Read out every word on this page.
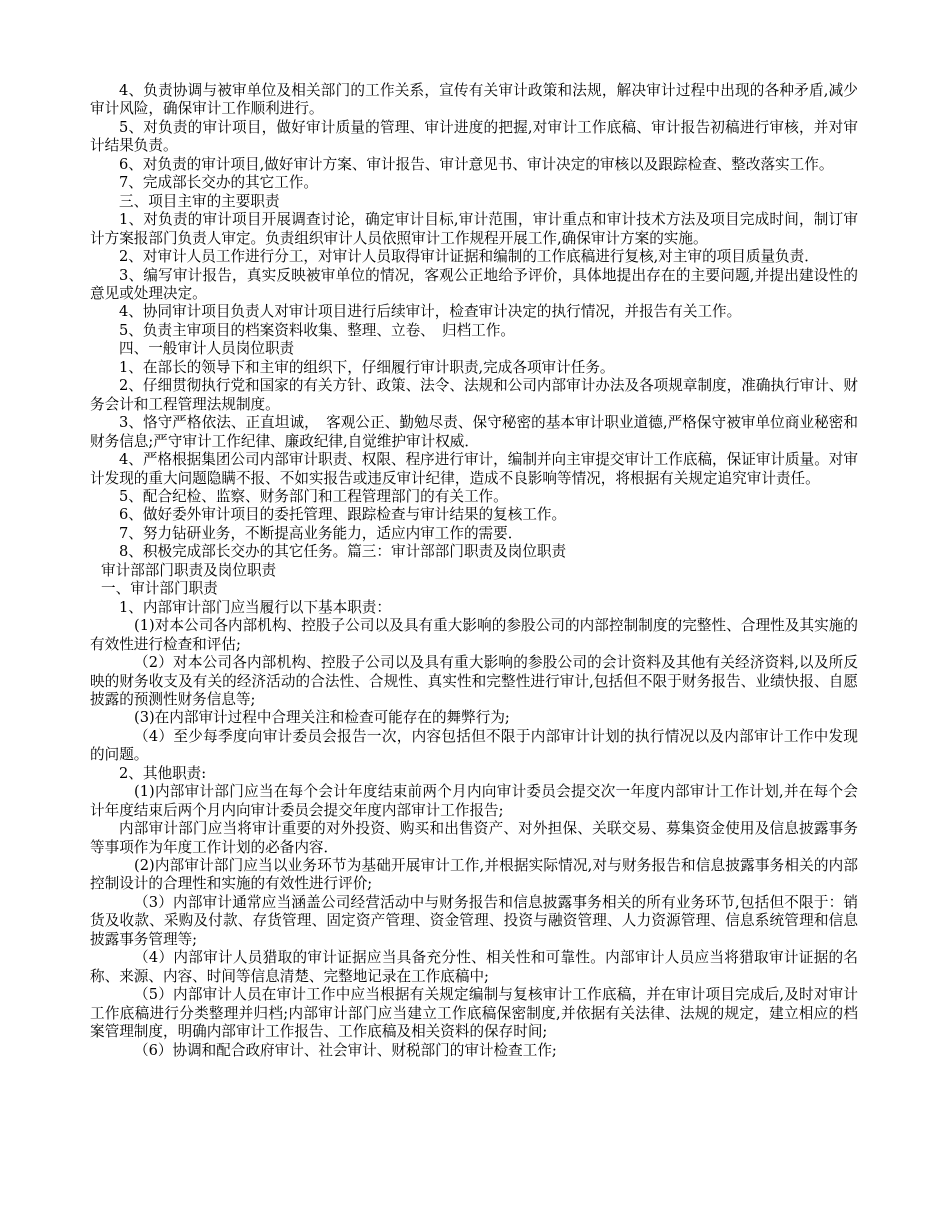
4、负责协调与被审单位及相关部门的工作关系，宣传有关审计政策和法规，解决审计过程中出现的各种矛盾,减少审计风险，确保审计工作顺利进行。

5、对负责的审计项目，做好审计质量的管理、审计进度的把握,对审计工作底稿、审计报告初稿进行审核，并对审计结果负责。

6、对负责的审计项目,做好审计方案、审计报告、审计意见书、审计决定的审核以及跟踪检查、整改落实工作。

7、完成部长交办的其它工作。

三、项目主审的主要职责

1、对负责的审计项目开展调查讨论，确定审计目标,审计范围，审计重点和审计技术方法及项目完成时间，制订审计方案报部门负责人审定。负责组织审计人员依照审计工作规程开展工作,确保审计方案的实施。

2、对审计人员工作进行分工，对审计人员取得审计证据和编制的工作底稿进行复核,对主审的项目质量负责．

3、编写审计报告，真实反映被审单位的情况，客观公正地给予评价，具体地提出存在的主要问题,并提出建设性的意见或处理决定。

4、协同审计项目负责人对审计项目进行后续审计，检查审计决定的执行情况，并报告有关工作。

5、负责主审项目的档案资料收集、整理、立卷、　归档工作。

四、一般审计人员岗位职责

1、在部长的领导下和主审的组织下，仔细履行审计职责,完成各项审计任务。

2、仔细贯彻执行党和国家的有关方针、政策、法令、法规和公司内部审计办法及各项规章制度，准确执行审计、财务会计和工程管理法规制度。

3、恪守严格依法、正直坦诚，　客观公正、勤勉尽责、保守秘密的基本审计职业道德,严格保守被审单位商业秘密和财务信息;严守审计工作纪律、廉政纪律,自觉维护审计权威．

4、严格根据集团公司内部审计职责、权限、程序进行审计，编制并向主审提交审计工作底稿，保证审计质量。对审计发现的重大问题隐瞒不报、不如实报告或违反审计纪律，造成不良影响等情况，将根据有关规定追究审计责任。

5、配合纪检、监察、财务部门和工程管理部门的有关工作。

6、做好委外审计项目的委托管理、跟踪检查与审计结果的复核工作。

7、努力钻研业务，不断提高业务能力，适应内审工作的需要．

8、积极完成部长交办的其它任务。篇三：审计部部门职责及岗位职责

审计部部门职责及岗位职责

一、审计部门职责

1、内部审计部门应当履行以下基本职责：

(1)对本公司各内部机构、控股子公司以及具有重大影响的参股公司的内部控制制度的完整性、合理性及其实施的有效性进行检查和评估;

（2）对本公司各内部机构、控股子公司以及具有重大影响的参股公司的会计资料及其他有关经济资料,以及所反映的财务收支及有关的经济活动的合法性、合规性、真实性和完整性进行审计,包括但不限于财务报告、业绩快报、自愿披露的预测性财务信息等;

(3)在内部审计过程中合理关注和检查可能存在的舞弊行为;

（4）至少每季度向审计委员会报告一次，内容包括但不限于内部审计计划的执行情况以及内部审计工作中发现的问题。

2、其他职责:

(1)内部审计部门应当在每个会计年度结束前两个月内向审计委员会提交次一年度内部审计工作计划,并在每个会计年度结束后两个月内向审计委员会提交年度内部审计工作报告;

内部审计部门应当将审计重要的对外投资、购买和出售资产、对外担保、关联交易、募集资金使用及信息披露事务等事项作为年度工作计划的必备内容．

(2)内部审计部门应当以业务环节为基础开展审计工作,并根据实际情况,对与财务报告和信息披露事务相关的内部控制设计的合理性和实施的有效性进行评价;

（3）内部审计通常应当涵盖公司经营活动中与财务报告和信息披露事务相关的所有业务环节,包括但不限于：销货及收款、采购及付款、存货管理、固定资产管理、资金管理、投资与融资管理、人力资源管理、信息系统管理和信息披露事务管理等;

（4）内部审计人员猎取的审计证据应当具备充分性、相关性和可靠性。内部审计人员应当将猎取审计证据的名称、来源、内容、时间等信息清楚、完整地记录在工作底稿中;

（5）内部审计人员在审计工作中应当根据有关规定编制与复核审计工作底稿，并在审计项目完成后,及时对审计工作底稿进行分类整理并归档;内部审计部门应当建立工作底稿保密制度,并依据有关法律、法规的规定，建立相应的档案管理制度，明确内部审计工作报告、工作底稿及相关资料的保存时间;

（6）协调和配合政府审计、社会审计、财税部门的审计检查工作;
